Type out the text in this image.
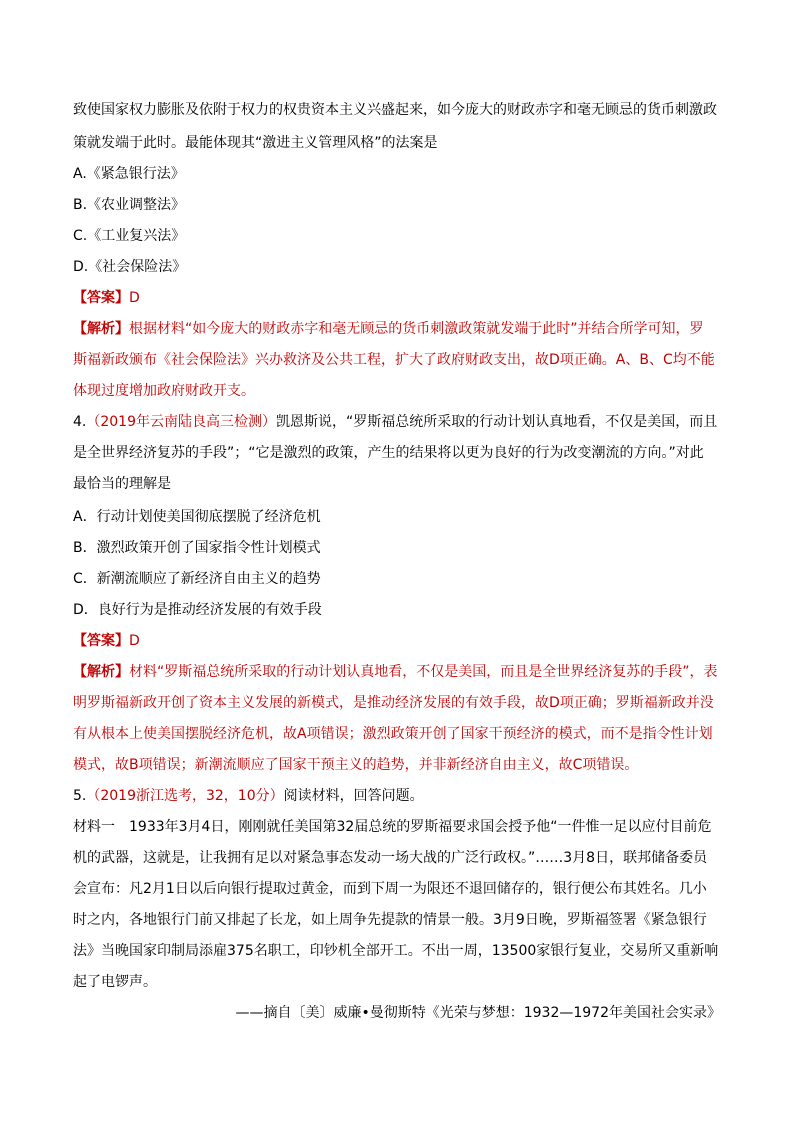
致使国家权力膨胀及依附于权力的权贵资本主义兴盛起来，如今庞大的财政赤字和毫无顾忌的货币刺激政
策就发端于此时。最能体现其“激进主义管理风格”的法案是
A.《紧急银行法》
B.《农业调整法》
C.《工业复兴法》
D.《社会保险法》
【答案】D
【解析】根据材料“如今庞大的财政赤字和毫无顾忌的货币刺激政策就发端于此时”并结合所学可知，罗
斯福新政颁布《社会保险法》兴办救济及公共工程，扩大了政府财政支出，故D项正确。A、B、C均不能
体现过度增加政府财政开支。
4.（2019年云南陆良高三检测）凯恩斯说，“罗斯福总统所采取的行动计划认真地看，不仅是美国，而且
是全世界经济复苏的手段”；“它是激烈的政策，产生的结果将以更为良好的行为改变潮流的方向。”对此
最恰当的理解是
A．行动计划使美国彻底摆脱了经济危机
B．激烈政策开创了国家指令性计划模式
C．新潮流顺应了新经济自由主义的趋势
D．良好行为是推动经济发展的有效手段
【答案】D
【解析】材料“罗斯福总统所采取的行动计划认真地看，不仅是美国，而且是全世界经济复苏的手段”，表
明罗斯福新政开创了资本主义发展的新模式，是推动经济发展的有效手段，故D项正确；罗斯福新政并没
有从根本上使美国摆脱经济危机，故A项错误；激烈政策开创了国家干预经济的模式，而不是指令性计划
模式，故B项错误；新潮流顺应了国家干预主义的趋势，并非新经济自由主义，故C项错误。
5.（2019浙江选考，32，10分）阅读材料，回答问题。
材料一　1933年3月4日，刚刚就任美国第32届总统的罗斯福要求国会授予他“一件惟一足以应付目前危
机的武器，这就是，让我拥有足以对紧急事态发动一场大战的广泛行政权。”……3月8日，联邦储备委员
会宣布：凡2月1日以后向银行提取过黄金，而到下周一为限还不退回储存的，银行便公布其姓名。几小
时之内，各地银行门前又排起了长龙，如上周争先提款的情景一般。3月9日晚，罗斯福签署《紧急银行
法》当晚国家印制局添雇375名职工，印钞机全部开工。不出一周，13500家银行复业，交易所又重新响
起了电锣声。
——摘自〔美〕威廉•曼彻斯特《光荣与梦想：1932—1972年美国社会实录》
